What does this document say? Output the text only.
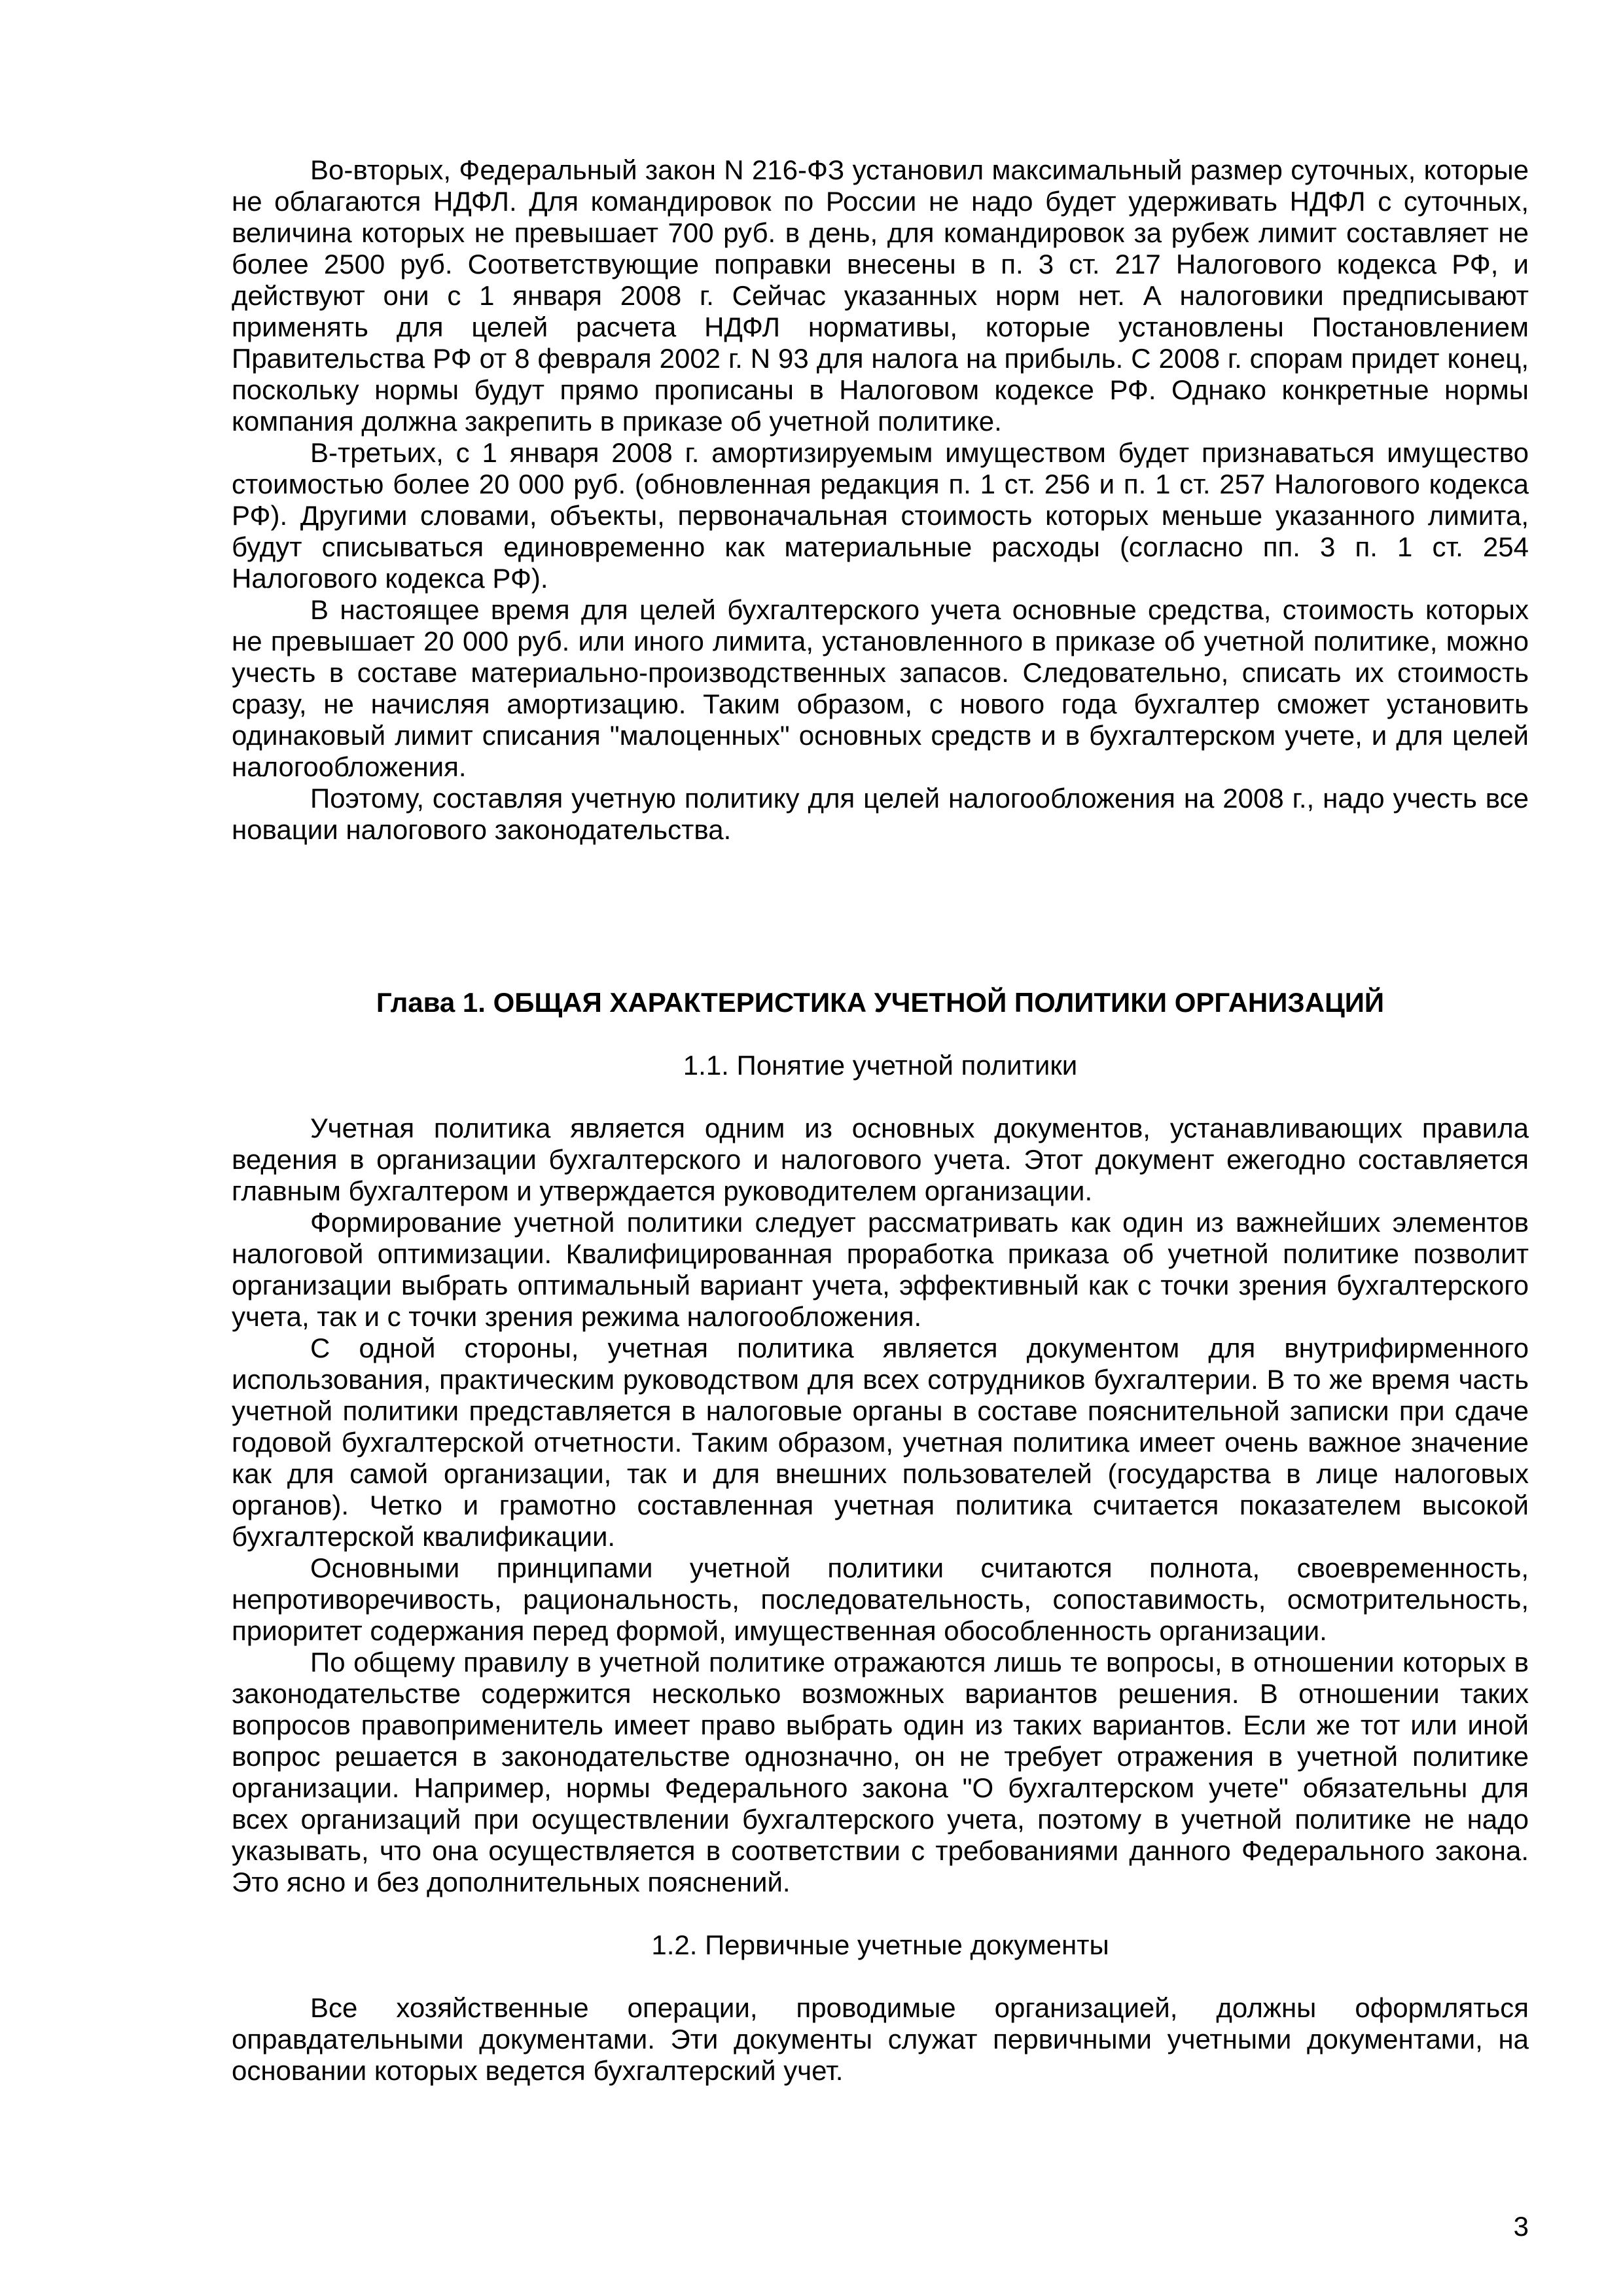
Во-вторых, Федеральный закон N 216-ФЗ установил максимальный размер суточных, которые не облагаются НДФЛ. Для командировок по России не надо будет удерживать НДФЛ с суточных, величина которых не превышает 700 руб. в день, для командировок за рубеж лимит составляет не более 2500 руб. Соответствующие поправки внесены в п. 3 ст. 217 Налогового кодекса РФ, и действуют они с 1 января 2008 г. Сейчас указанных норм нет. А налоговики предписывают применять для целей расчета НДФЛ нормативы, которые установлены Постановлением Правительства РФ от 8 февраля 2002 г. N 93 для налога на прибыль. С 2008 г. спорам придет конец, поскольку нормы будут прямо прописаны в Налоговом кодексе РФ. Однако конкретные нормы компания должна закрепить в приказе об учетной политике.

В-третьих, с 1 января 2008 г. амортизируемым имуществом будет признаваться имущество стоимостью более 20 000 руб. (обновленная редакция п. 1 ст. 256 и п. 1 ст. 257 Налогового кодекса РФ). Другими словами, объекты, первоначальная стоимость которых меньше указанного лимита, будут списываться единовременно как материальные расходы (согласно пп. 3 п. 1 ст. 254 Налогового кодекса РФ).

В настоящее время для целей бухгалтерского учета основные средства, стоимость которых не превышает 20 000 руб. или иного лимита, установленного в приказе об учетной политике, можно учесть в составе материально-производственных запасов. Следовательно, списать их стоимость сразу, не начисляя амортизацию. Таким образом, с нового года бухгалтер сможет установить одинаковый лимит списания "малоценных" основных средств и в бухгалтерском учете, и для целей налогообложения.

Поэтому, составляя учетную политику для целей налогообложения на 2008 г., надо учесть все новации налогового законодательства.

Глава 1. ОБЩАЯ ХАРАКТЕРИСТИКА УЧЕТНОЙ ПОЛИТИКИ ОРГАНИЗАЦИЙ
1.1. Понятие учетной политики

Учетная политика является одним из основных документов, устанавливающих правила ведения в организации бухгалтерского и налогового учета. Этот документ ежегодно составляется главным бухгалтером и утверждается руководителем организации.

Формирование учетной политики следует рассматривать как один из важнейших элементов налоговой оптимизации. Квалифицированная проработка приказа об учетной политике позволит организации выбрать оптимальный вариант учета, эффективный как с точки зрения бухгалтерского учета, так и с точки зрения режима налогообложения.

С одной стороны, учетная политика является документом для внутрифирменного использования, практическим руководством для всех сотрудников бухгалтерии. В то же время часть учетной политики представляется в налоговые органы в составе пояснительной записки при сдаче годовой бухгалтерской отчетности. Таким образом, учетная политика имеет очень важное значение как для самой организации, так и для внешних пользователей (государства в лице налоговых органов). Четко и грамотно составленная учетная политика считается показателем высокой бухгалтерской квалификации.

Основными принципами учетной политики считаются полнота, своевременность, непротиворечивость, рациональность, последовательность, сопоставимость, осмотрительность, приоритет содержания перед формой, имущественная обособленность организации.

По общему правилу в учетной политике отражаются лишь те вопросы, в отношении которых в законодательстве содержится несколько возможных вариантов решения. В отношении таких вопросов правоприменитель имеет право выбрать один из таких вариантов. Если же тот или иной вопрос решается в законодательстве однозначно, он не требует отражения в учетной политике организации. Например, нормы Федерального закона "О бухгалтерском учете" обязательны для всех организаций при осуществлении бухгалтерского учета, поэтому в учетной политике не надо указывать, что она осуществляется в соответствии с требованиями данного Федерального закона. Это ясно и без дополнительных пояснений.

1.2. Первичные учетные документы

Все хозяйственные операции, проводимые организацией, должны оформляться оправдательными документами. Эти документы служат первичными учетными документами, на основании которых ведется бухгалтерский учет.

3
